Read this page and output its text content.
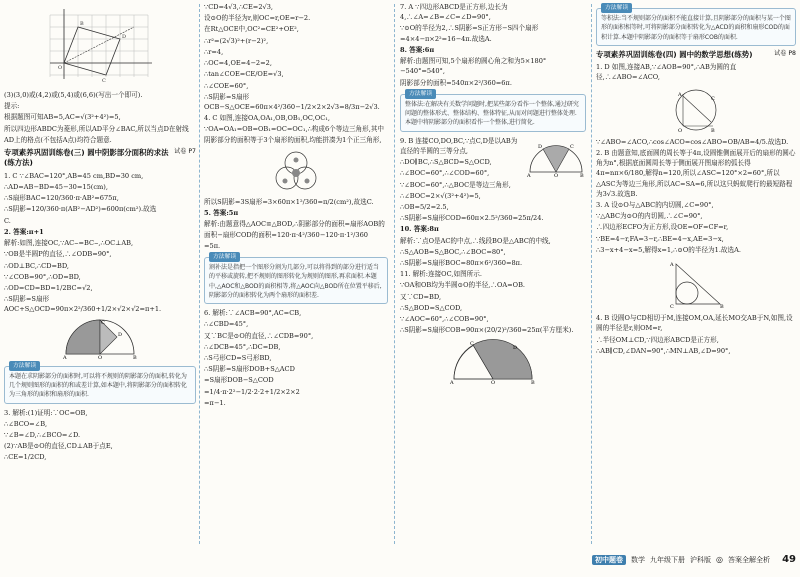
B
D
C
O

(3)(3,0)或(4,2)或(5,4)或(6,6)(写出一个即可).

提示:

根据题图可知AB=5,AC=√(3²+4²)=5,

所以四边形ABDC为菱形,所以AD平分∠BAC,所以当点D在射线

AD上的格点(不包括A点)均符合题意.

试卷 P7
专项素养巩固训练卷(三) 圆中阴影部分面积的求法(练方法)

1. C ∵∠BAC=120°,AB=45 cm,BD=30 cm,

∴AD=AB−BD=45−30=15(cm),

∴S扇形BAC=120/360·π·AB²=675π,

∴S阴影=120/360·π(AB²−AD²)=600π(cm²).故选

C.

2. 答案:π+1

解析:如图,连接OC,∵AC⌢=BC⌢,∴OC⊥AB,

∵OB是半圆P的直径,∴∠ODB=90°,

∴OD⊥BC,∴CD=BD,

∵∠COB=90°,∴OD=BD,

∴OD=CD=BD=1/2BC=√2,

∴S阴影=S扇形AOC+S△OCD=90π×2²/360+1/2×√2×√2=π+1.

A	O	B
D
C
方法解读
本题在求阴影部分的面积时,可以将不规则的阴影部分的面积,转化为几个规则图形的面积的和或差计算,如本题中,将阴影部分的面积转化为三角形的面积和扇形的面积.

3. 解析:(1)证明:∵OC=OB,

∴∠BCO=∠B,

∵∠B=∠D,∴∠BCO=∠D.

(2)∵AB是⊙O的直径,CD⊥AB于点E,

∴CE=1/2CD,

∵CD=4√3,∴CE=2√3,

设⊙O的半径为r,则OC=r,OE=r−2.

在Rt△OCE中,OC²=CE²+OE²,

∴r²=(2√3)²+(r−2)²,

∴r=4,

∴OC=4,OE=4−2=2,

∴tan∠COE=CE/OE=√3,

∴∠COE=60°,

∴S阴影=S扇形OCB−S△OCE=60π×4²/360−1/2×2×2√3=8/3π−2√3.

4. C 如图,连接OA,OA₁,OB,OB₁,OC,OC₁,

∵OA=OA₁=OB=OB₁=OC=OC₁,∴构成6个等边三角形,其中阴影部分的面积等于3个扇形的面积,均能拼凑为1个正三角形,

所以S阴影=3S扇形=3×60π×1²/360=π/2(cm²),故选C.

5. 答案:5π

解析:由题意得△AOC≌△BOD,∴阴影部分的面积=扇形AOB的面积−扇形COD的面积=120·π·4²/360−120·π·1²/360

=5π.

方法解读
割补法是指把一个图形分割为几部分,可以将得到的部分进行适当的平移或旋转,把不规则的图形转化为规则的图形,再求面积.本题中,△AOC和△BOD的面积相等,将△AOC向△BOD所在位置平移后,阴影部分的面积转化为两个扇形的面积差.

6. 解析:∵∠ACB=90°,AC=CB,

∴∠CBD=45°,

又∵BC是⊙O的直径,∴∠CDB=90°,

∴∠DCB=45°,∴DC=DB,

∴S弓形CD=S弓形BD,

∴S阴影=S扇形DOB+S△ACD

=S扇形DOB−S△COD

=1/4·π·2²−1/2·2·2+1/2×2×2

=π−1.

7. A ∵四边形ABCD是正方形,边长为4,∴∠A=∠B=∠C=∠D=90°,

∵⊙O的半径为2,∴S阴影=S正方形−S四个扇形=4×4−π×2²=16−4π.故选A.

8. 答案:6π

解析:由题图可知,5个扇形的圆心角之和为5×180°−540°=540°,

阴影部分的面积=540π×2²/360=6π.

方法解读
整体法:在解决有关数学问题时,把某些部分看作一个整体,通过研究问题的整体形式、整体结构、整体特征,从而对问题进行整体处理.本题中将阴影部分的面积看作一个整体,进行简化.
A	O	B
D	C

9. B 连接CO,DO,BC,∵点C,D是以AB为直径的半圆的三等分点,

∴DO∥BC,∴S△BCD=S△OCD,

∴∠BOC=60°,∴∠COD=60°,

∵∠BOC=60°,∴△BOC是等边三角形,

∴∠BOC=2×√(3²+4²)=5,

∴OB=5/2=2.5,

∴S阴影=S扇形COD=60π×2.5²/360=25π/24.

10. 答案:8π

解析:∵点O是AC的中点,∴线段BO是△ABC的中线,

∴S△AOB=S△BOC,∴∠BOC=80°,

∴S阴影=S扇形BOC=80π×6²/360=8π.

11. 解析:连接OC,如图所示.

∵OA和OB均为半圆⊙O的半径,∴OA=OB.

又∵CD=BD,

∴S△BOD=S△COD,

∵∠AOC=60°,∴∠COB=90°,

∴S阴影=S扇形COB=90π×(20/2)²/360=25π(平方厘米).

A	O	B
C
D
方法解读
等积法:当不规则部分的面积不能直接计算,且阴影部分的面积与某一个图形的面积相等时,可将阴影部分面积转化为△ACD的面积和扇形COD的面积计算.本题中阴影部分的面积等于扇形COB的面积.
试卷 P8
专项素养巩固训练卷(四) 圆中的数学思想(练势)

1. D 如图,连接AB,∵∠AOB=90°,∴AB为圆的直径,∴∠ABO=∠ACO,

A
O	B
C

∵∠ABO=∠ACO,∴cos∠ACO=cos∠ABO=OB/AB=4/5.故选D.

2. B 由题意知,底面圆的周长等于4π,设圆锥侧面展开后的扇形的圆心角为n°,根据底面圆周长等于侧面展开图扇形的弧长得4π=nπ×6/180,解得n=120,所以∠ASC=120°×2=60°,所以△ASC为等边三角形,所以AC=SA=6,所以这只蚂蚁爬行的最短路程为3√3.故选B.

3. A 设⊙O与△ABC的内切圆,∠C=90°,

∵△ABC为⊙O的内切圆,∴∠C=90°,

∴四边形ECFO为正方形,设OE=OF=CF=r,

∵BE=4−r,FA=3−r,∴BE=4−x,AE=3−x,

∴3−x+4−x=5,解得x=1,∴⊙O的半径为1.故选A.

A
C	B

4. B 设圆O与CD相切于M,连接OM,OA,延长MO交AB于N,如图,设圆的半径是r,则OM=r,

∴半径OM⊥CD,∵四边形ABCD是正方形,

∴AB∥CD,∠DAN=90°,∴MN⊥AB,∠D=90°,

初中题卷	数学 九年级下册 沪科版 ◎ 答案全解全析 49
